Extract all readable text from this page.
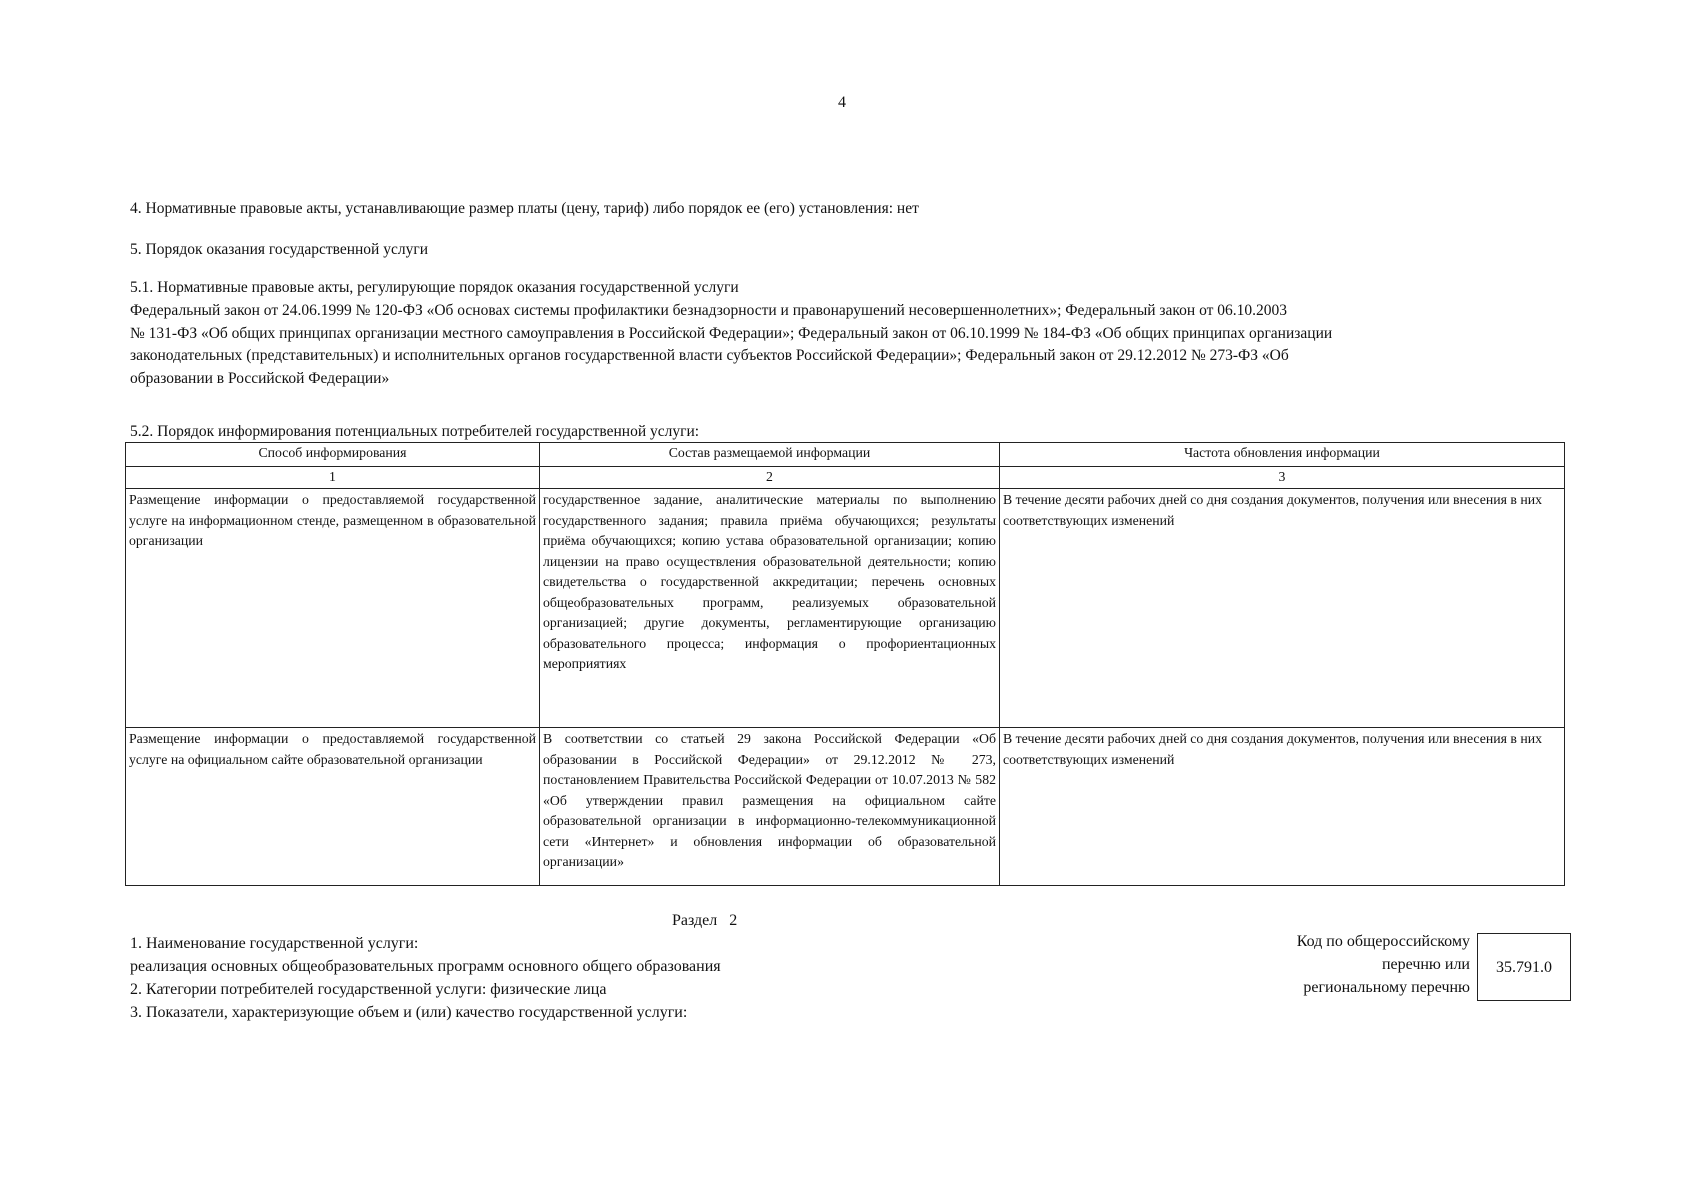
4
4. Нормативные правовые акты, устанавливающие размер платы (цену, тариф) либо порядок ее (его) установления: нет
5. Порядок оказания государственной услуги
5.1. Нормативные правовые акты, регулирующие порядок оказания государственной услуги
Федеральный закон от 24.06.1999 № 120-ФЗ «Об основах системы профилактики безнадзорности и правонарушений несовершеннолетних»; Федеральный закон от 06.10.2003
№ 131-ФЗ «Об общих принципах организации местного самоуправления в Российской Федерации»; Федеральный закон от 06.10.1999 № 184-ФЗ «Об общих принципах организации
законодательных (представительных) и исполнительных органов государственной власти субъектов Российской Федерации»; Федеральный закон от 29.12.2012 № 273-ФЗ «Об
образовании в Российской Федерации»
5.2. Порядок информирования потенциальных потребителей государственной услуги:
Способ информирования	Состав размещаемой информации	Частота обновления информации
1	2	3
Размещение информации о предоставляемой государственной услуге на информационном стенде, размещенном в образовательной организации	государственное задание, аналитические материалы по выполнению государственного задания; правила приёма обучающихся; результаты приёма обучающихся; копию устава образовательной организации; копию лицензии на право осуществления образовательной деятельности; копию свидетельства о государственной аккредитации; перечень основных общеобразовательных программ, реализуемых образовательной организацией; другие документы, регламентирующие организацию образовательного процесса; информация о профориентационных мероприятиях	В течение десяти рабочих дней со дня создания документов, получения или внесения в них соответствующих изменений
Размещение информации о предоставляемой государственной услуге на официальном сайте образовательной организации	В соответствии со статьей 29 закона Российской Федерации «Об образовании в Российской Федерации» от 29.12.2012 № 273, постановлением Правительства Российской Федерации от 10.07.2013 № 582 «Об утверждении правил размещения на официальном сайте образовательной организации в информационно-телекоммуникационной сети «Интернет» и обновления информации об образовательной организации»	В течение десяти рабочих дней со дня создания документов, получения или внесения в них соответствующих изменений
Раздел   2
1. Наименование государственной услуги:
реализация основных общеобразовательных программ основного общего образования
2. Категории потребителей государственной услуги: физические лица
3. Показатели, характеризующие объем и (или) качество государственной услуги:
Код по общероссийскому
перечню или
региональному перечню
35.791.0
